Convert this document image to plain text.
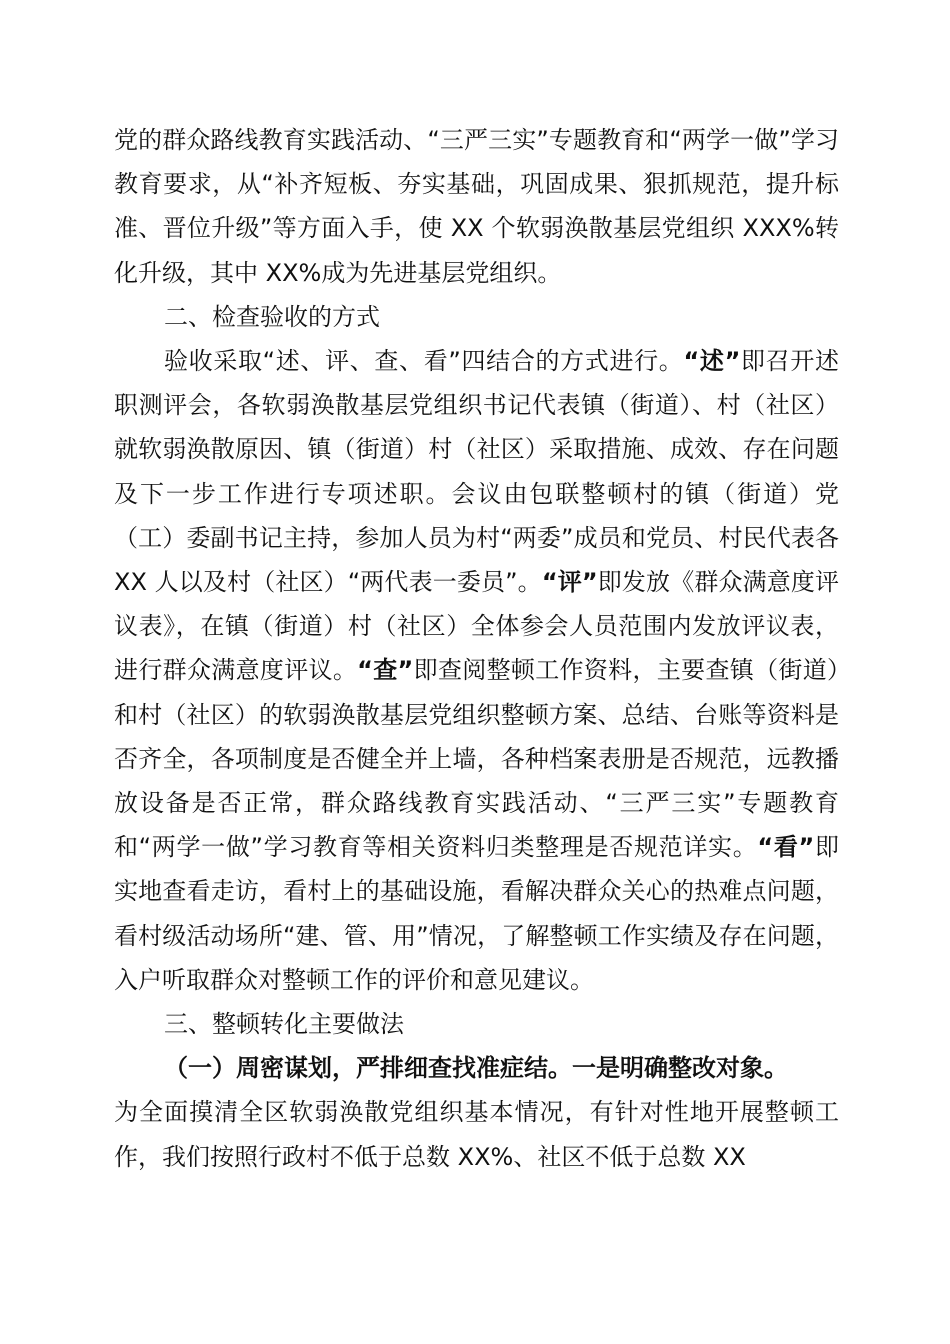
党的群众路线教育实践活动、“三严三实”专题教育和“两学一做”学习教育要求，从“补齐短板、夯实基础，巩固成果、狠抓规范，提升标准、晋位升级”等方面入手，使 XX 个软弱涣散基层党组织 XXX%转化升级，其中 XX%成为先进基层党组织。

二、检查验收的方式

验收采取“述、评、查、看”四结合的方式进行。“述”即召开述职测评会，各软弱涣散基层党组织书记代表镇（街道）、村（社区）就软弱涣散原因、镇（街道）村（社区）采取措施、成效、存在问题及下一步工作进行专项述职。会议由包联整顿村的镇（街道）党（工）委副书记主持，参加人员为村“两委”成员和党员、村民代表各 XX 人以及村（社区）“两代表一委员”。“评”即发放《群众满意度评议表》，在镇（街道）村（社区）全体参会人员范围内发放评议表，进行群众满意度评议。“查”即查阅整顿工作资料，主要查镇（街道）和村（社区）的软弱涣散基层党组织整顿方案、总结、台账等资料是否齐全，各项制度是否健全并上墙，各种档案表册是否规范，远教播放设备是否正常，群众路线教育实践活动、“三严三实”专题教育和“两学一做”学习教育等相关资料归类整理是否规范详实。“看”即实地查看走访，看村上的基础设施，看解决群众关心的热难点问题，看村级活动场所“建、管、用”情况，了解整顿工作实绩及存在问题，入户听取群众对整顿工作的评价和意见建议。

三、整顿转化主要做法

（一）周密谋划，严排细查找准症结。一是明确整改对象。

为全面摸清全区软弱涣散党组织基本情况，有针对性地开展整顿工作，我们按照行政村不低于总数 XX%、社区不低于总数 XX
